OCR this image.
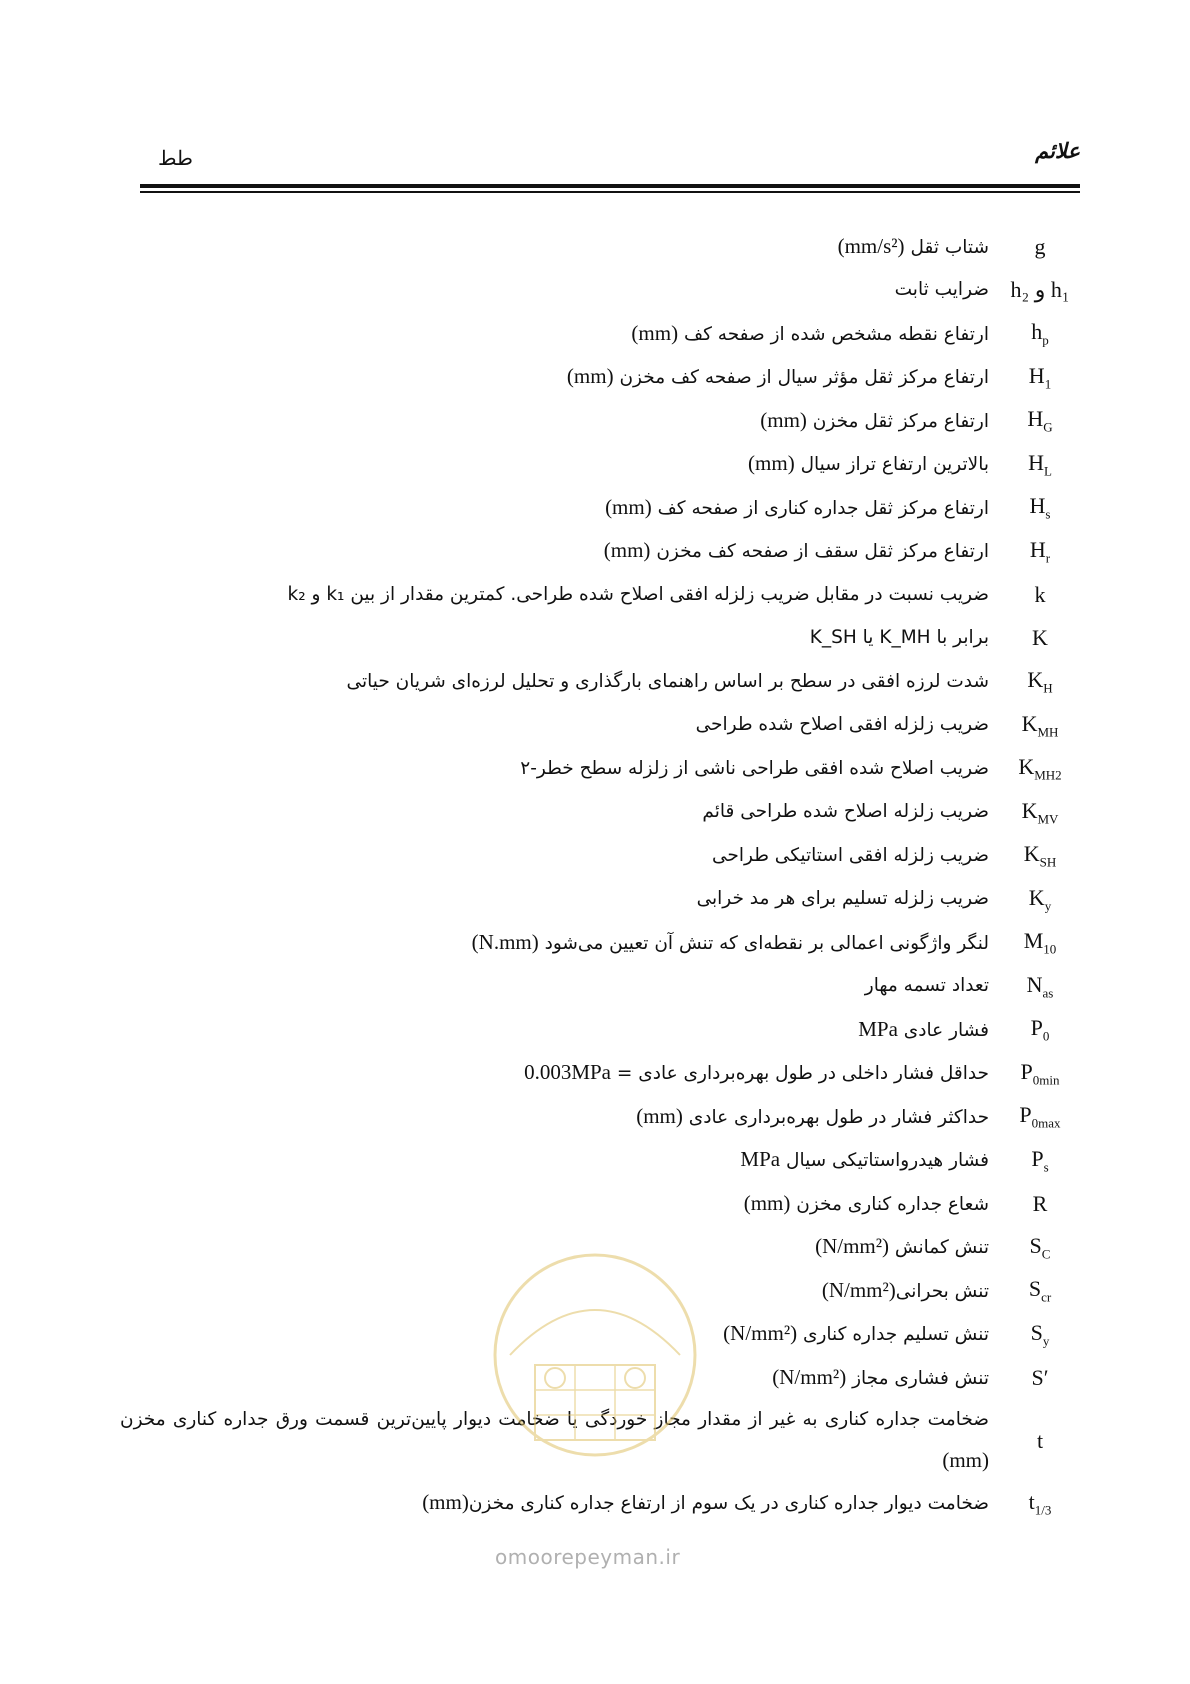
علائم
طط
g
شتاب ثقل (mm/s²)
h₂ و h₁
ضرایب ثابت
$h_p$
ارتفاع نقطه مشخص شده از صفحه کف (mm)
$H_1$
ارتفاع مرکز ثقل مؤثر سیال از صفحه کف مخزن (mm)
$H_G$
ارتفاع مرکز ثقل مخزن (mm)
$H_L$
بالاترین ارتفاع تراز سیال (mm)
$H_s$
ارتفاع مرکز ثقل جداره کناری از صفحه کف (mm)
$H_r$
ارتفاع مرکز ثقل سقف از صفحه کف مخزن (mm)
k
ضریب نسبت در مقابل ضریب زلزله افقی اصلاح شده طراحی. کمترین مقدار از بین k₁ و k₂
K
برابر با K_MH یا K_SH
$K_H$
شدت لرزه افقی در سطح بر اساس راهنمای بارگذاری و تحلیل لرزه‌ای شریان حیاتی
$K_{MH}$
ضریب زلزله افقی اصلاح شده طراحی
$K_{MH2}$
ضریب اصلاح شده افقی طراحی ناشی از زلزله سطح خطر-۲
$K_{MV}$
ضریب زلزله اصلاح شده طراحی قائم
$K_{SH}$
ضریب زلزله افقی استاتیکی طراحی
$K_y$
ضریب زلزله تسلیم برای هر مد خرابی
$M_{10}$
لنگر واژگونی اعمالی بر نقطه‌ای که تنش آن تعیین می‌شود (N.mm)
$N_{as}$
تعداد تسمه مهار
$P_0$
فشار عادی MPa
$P_{0min}$
حداقل فشار داخلی در طول بهره‌برداری عادی = 0.003MPa
$P_{0max}$
حداکثر فشار در طول بهره‌برداری عادی (mm)
$P_s$
فشار هیدرواستاتیکی سیال MPa
R
شعاع جداره کناری مخزن (mm)
$S_C$
تنش کمانش (N/mm²)
$S_{cr}$
تنش بحرانی(N/mm²)
$S_y$
تنش تسلیم جداره کناری (N/mm²)
S′
تنش فشاری مجاز (N/mm²)
t
ضخامت جداره کناری به غیر از مقدار مجاز خوردگی یا ضخامت دیوار پایین‌ترین قسمت ورق جداره کناری مخزن (mm)
$t_{1/3}$
ضخامت دیوار جداره کناری در یک سوم از ارتفاع جداره کناری مخزن(mm)
omoorepeyman.ir
